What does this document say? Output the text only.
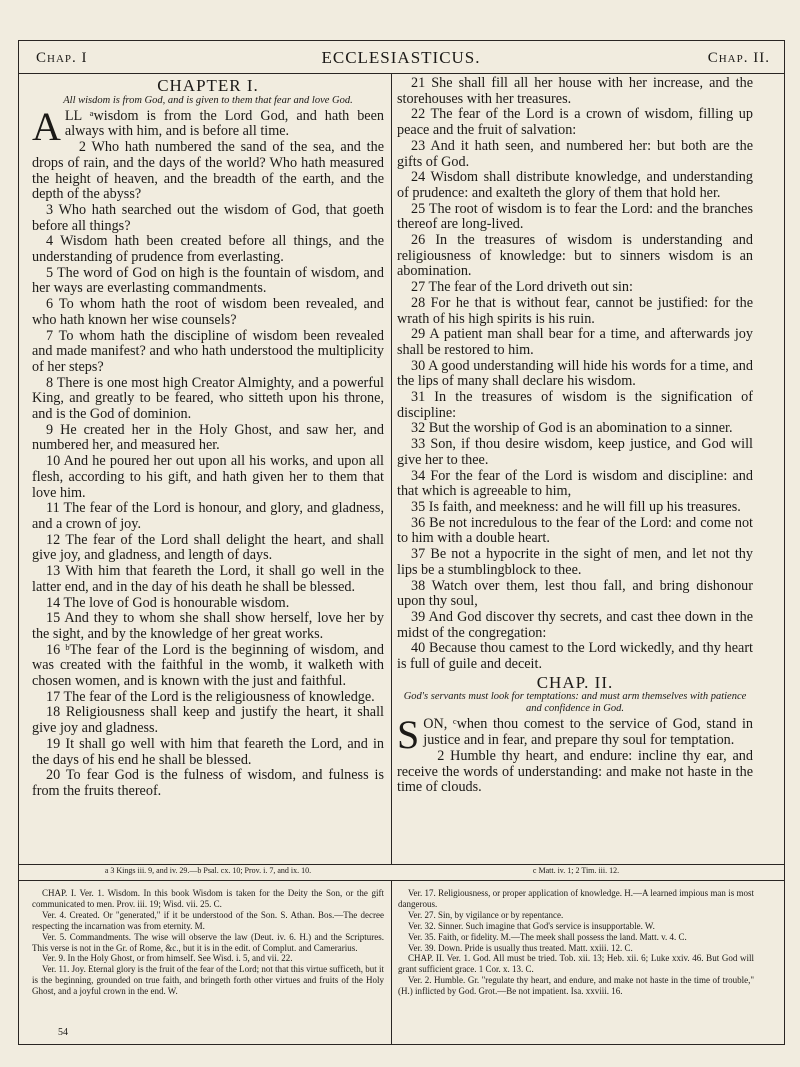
Chap. I	ECCLESIASTICUS.	Chap. II.
CHAPTER I.
All wisdom is from God, and is given to them that fear and love God.

ALL ᵃwisdom is from the Lord God, and hath been always with him, and is before all time.

2 Who hath numbered the sand of the sea, and the drops of rain, and the days of the world? Who hath measured the height of heaven, and the breadth of the earth, and the depth of the abyss?

3 Who hath searched out the wisdom of God, that goeth before all things?

4 Wisdom hath been created before all things, and the understanding of prudence from everlasting.

5 The word of God on high is the fountain of wisdom, and her ways are everlasting commandments.

6 To whom hath the root of wisdom been revealed, and who hath known her wise counsels?

7 To whom hath the discipline of wisdom been revealed and made manifest? and who hath understood the multiplicity of her steps?

8 There is one most high Creator Almighty, and a powerful King, and greatly to be feared, who sitteth upon his throne, and is the God of dominion.

9 He created her in the Holy Ghost, and saw her, and numbered her, and measured her.

10 And he poured her out upon all his works, and upon all flesh, according to his gift, and hath given her to them that love him.

11 The fear of the Lord is honour, and glory, and gladness, and a crown of joy.

12 The fear of the Lord shall delight the heart, and shall give joy, and gladness, and length of days.

13 With him that feareth the Lord, it shall go well in the latter end, and in the day of his death he shall be blessed.

14 The love of God is honourable wisdom.

15 And they to whom she shall show herself, love her by the sight, and by the knowledge of her great works.

16 ᵇThe fear of the Lord is the beginning of wisdom, and was created with the faithful in the womb, it walketh with chosen women, and is known with the just and faithful.

17 The fear of the Lord is the religiousness of knowledge.

18 Religiousness shall keep and justify the heart, it shall give joy and gladness.

19 It shall go well with him that feareth the Lord, and in the days of his end he shall be blessed.

20 To fear God is the fulness of wisdom, and fulness is from the fruits thereof.

21 She shall fill all her house with her increase, and the storehouses with her treasures.

22 The fear of the Lord is a crown of wisdom, filling up peace and the fruit of salvation:

23 And it hath seen, and numbered her: but both are the gifts of God.

24 Wisdom shall distribute knowledge, and understanding of prudence: and exalteth the glory of them that hold her.

25 The root of wisdom is to fear the Lord: and the branches thereof are long-lived.

26 In the treasures of wisdom is understanding and religiousness of knowledge: but to sinners wisdom is an abomination.

27 The fear of the Lord driveth out sin:

28 For he that is without fear, cannot be justified: for the wrath of his high spirits is his ruin.

29 A patient man shall bear for a time, and afterwards joy shall be restored to him.

30 A good understanding will hide his words for a time, and the lips of many shall declare his wisdom.

31 In the treasures of wisdom is the signification of discipline:

32 But the worship of God is an abomination to a sinner.

33 Son, if thou desire wisdom, keep justice, and God will give her to thee.

34 For the fear of the Lord is wisdom and discipline: and that which is agreeable to him,

35 Is faith, and meekness: and he will fill up his treasures.

36 Be not incredulous to the fear of the Lord: and come not to him with a double heart.

37 Be not a hypocrite in the sight of men, and let not thy lips be a stumblingblock to thee.

38 Watch over them, lest thou fall, and bring dishonour upon thy soul,

39 And God discover thy secrets, and cast thee down in the midst of the congregation:

40 Because thou camest to the Lord wickedly, and thy heart is full of guile and deceit.

CHAP. II.
God's servants must look for temptations: and must arm themselves with patience and confidence in God.

SON, ᶜwhen thou comest to the service of God, stand in justice and in fear, and prepare thy soul for temptation.

2 Humble thy heart, and endure: incline thy ear, and receive the words of understanding: and make not haste in the time of clouds.

a 3 Kings iii. 9, and iv. 29.—b Psal. cx. 10; Prov. i. 7, and ix. 10.	c Matt. iv. 1; 2 Tim. iii. 12.

CHAP. I. Ver. 1. Wisdom. In this book Wisdom is taken for the Deity the Son, or the gift communicated to men. Prov. iii. 19; Wisd. vii. 25. C.

Ver. 4. Created. Or "generated," if it be understood of the Son. S. Athan. Bos.—The decree respecting the incarnation was from eternity. M.

Ver. 5. Commandments. The wise will observe the law (Deut. iv. 6. H.) and the Scriptures. This verse is not in the Gr. of Rome, &c., but it is in the edit. of Complut. and Camerarius.

Ver. 9. In the Holy Ghost, or from himself. See Wisd. i. 5, and vii. 22.

Ver. 11. Joy. Eternal glory is the fruit of the fear of the Lord; not that this virtue sufficeth, but it is the beginning, grounded on true faith, and bringeth forth other virtues and fruits of the Holy Ghost, and a joyful crown in the end. W.

Ver. 17. Religiousness, or proper application of knowledge. H.—A learned impious man is most dangerous.

Ver. 27. Sin, by vigilance or by repentance.

Ver. 32. Sinner. Such imagine that God's service is insupportable. W.

Ver. 35. Faith, or fidelity. M.—The meek shall possess the land. Matt. v. 4. C.

Ver. 39. Down. Pride is usually thus treated. Matt. xxiii. 12. C.

CHAP. II. Ver. 1. God. All must be tried. Tob. xii. 13; Heb. xii. 6; Luke xxiv. 46. But God will grant sufficient grace. 1 Cor. x. 13. C.

Ver. 2. Humble. Gr. "regulate thy heart, and endure, and make not haste in the time of trouble," (H.) inflicted by God. Grot.—Be not impatient. Isa. xxviii. 16.

54
